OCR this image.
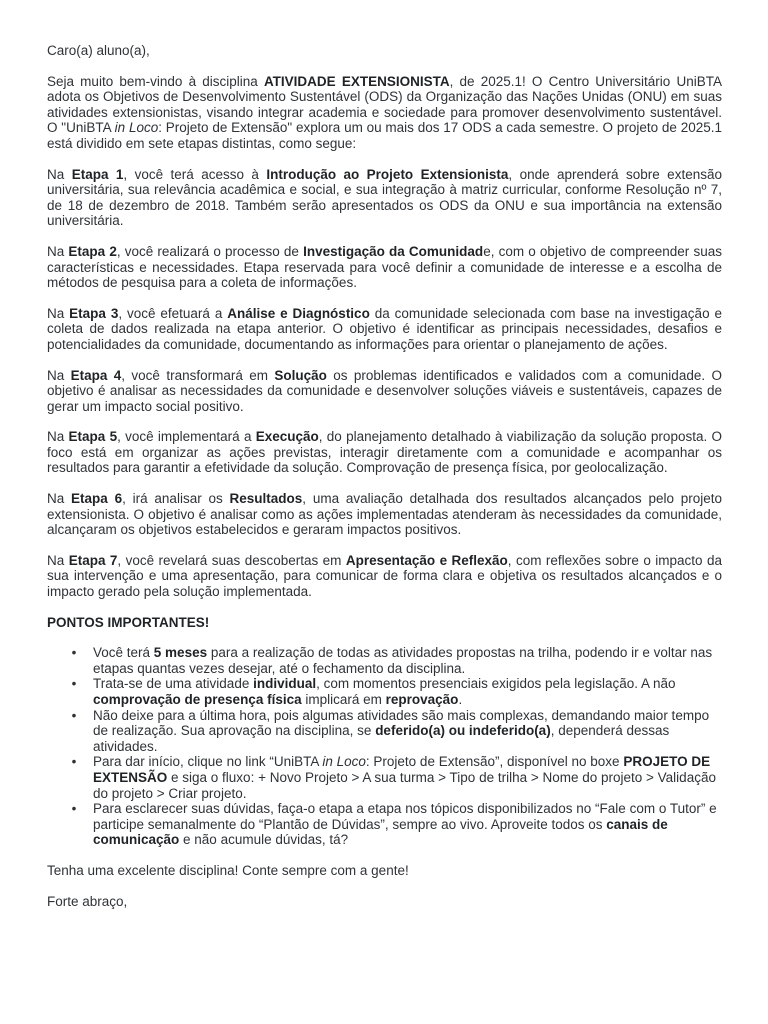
Caro(a) aluno(a),

Seja muito bem-vindo à disciplina ATIVIDADE EXTENSIONISTA, de 2025.1! O Centro Universitário UniBTA adota os Objetivos de Desenvolvimento Sustentável (ODS) da Organização das Nações Unidas (ONU) em suas atividades extensionistas, visando integrar academia e sociedade para promover desenvolvimento sustentável. O "UniBTA in Loco: Projeto de Extensão" explora um ou mais dos 17 ODS a cada semestre. O projeto de 2025.1 está dividido em sete etapas distintas, como segue:

Na Etapa 1, você terá acesso à Introdução ao Projeto Extensionista, onde aprenderá sobre extensão universitária, sua relevância acadêmica e social, e sua integração à matriz curricular, conforme Resolução nº 7, de 18 de dezembro de 2018. Também serão apresentados os ODS da ONU e sua importância na extensão universitária.

Na Etapa 2, você realizará o processo de Investigação da Comunidade, com o objetivo de compreender suas características e necessidades. Etapa reservada para você definir a comunidade de interesse e a escolha de métodos de pesquisa para a coleta de informações.

Na Etapa 3, você efetuará a Análise e Diagnóstico da comunidade selecionada com base na investigação e coleta de dados realizada na etapa anterior. O objetivo é identificar as principais necessidades, desafios e potencialidades da comunidade, documentando as informações para orientar o planejamento de ações.

Na Etapa 4, você transformará em Solução os problemas identificados e validados com a comunidade. O objetivo é analisar as necessidades da comunidade e desenvolver soluções viáveis e sustentáveis, capazes de gerar um impacto social positivo.

Na Etapa 5, você implementará a Execução, do planejamento detalhado à viabilização da solução proposta. O foco está em organizar as ações previstas, interagir diretamente com a comunidade e acompanhar os resultados para garantir a efetividade da solução. Comprovação de presença física, por geolocalização.

Na Etapa 6, irá analisar os Resultados, uma avaliação detalhada dos resultados alcançados pelo projeto extensionista. O objetivo é analisar como as ações implementadas atenderam às necessidades da comunidade, alcançaram os objetivos estabelecidos e geraram impactos positivos.

Na Etapa 7, você revelará suas descobertas em Apresentação e Reflexão, com reflexões sobre o impacto da sua intervenção e uma apresentação, para comunicar de forma clara e objetiva os resultados alcançados e o impacto gerado pela solução implementada.

PONTOS IMPORTANTES!

• Você terá 5 meses para a realização de todas as atividades propostas na trilha, podendo ir e voltar nas etapas quantas vezes desejar, até o fechamento da disciplina.
• Trata-se de uma atividade individual, com momentos presenciais exigidos pela legislação. A não comprovação de presença física implicará em reprovação.
• Não deixe para a última hora, pois algumas atividades são mais complexas, demandando maior tempo de realização. Sua aprovação na disciplina, se deferido(a) ou indeferido(a), dependerá dessas atividades.
• Para dar início, clique no link “UniBTA in Loco: Projeto de Extensão”, disponível no boxe PROJETO DE EXTENSÃO e siga o fluxo: + Novo Projeto > A sua turma > Tipo de trilha > Nome do projeto > Validação do projeto > Criar projeto.
• Para esclarecer suas dúvidas, faça-o etapa a etapa nos tópicos disponibilizados no “Fale com o Tutor” e participe semanalmente do “Plantão de Dúvidas”, sempre ao vivo. Aproveite todos os canais de comunicação e não acumule dúvidas, tá?

Tenha uma excelente disciplina! Conte sempre com a gente!

Forte abraço,
